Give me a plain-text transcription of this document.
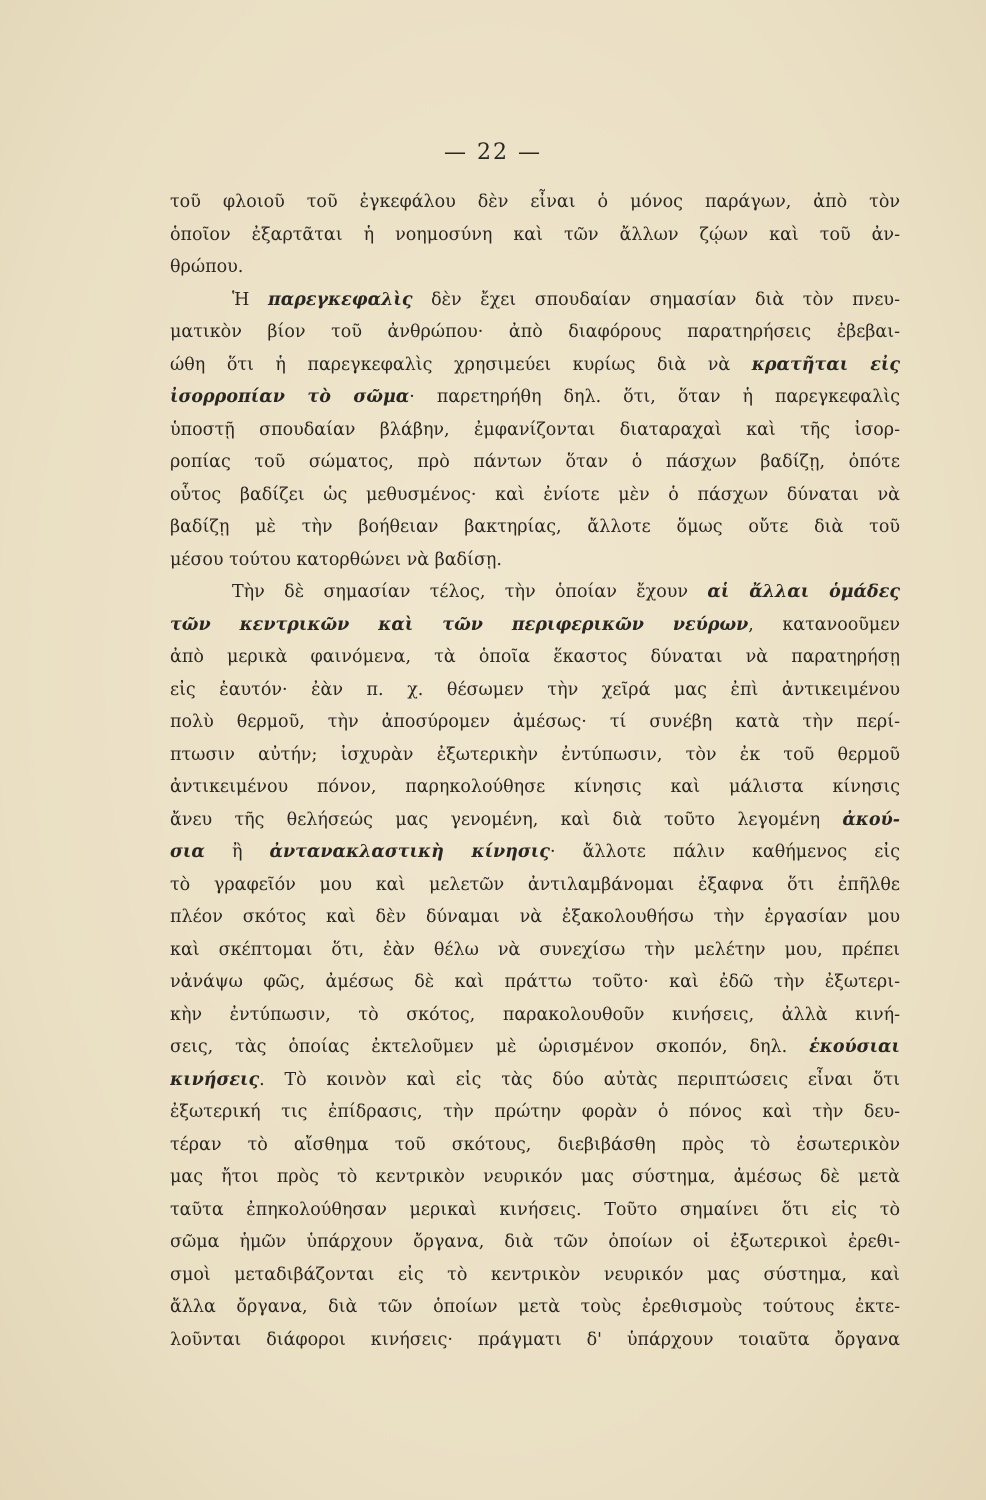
— 22 —
τοῦ φλοιοῦ τοῦ ἐγκεφάλου δὲν εἶναι ὁ μόνος παράγων, ἀπὸ τὸν
ὁποῖον ἐξαρτᾶται ἡ νοημοσύνη καὶ τῶν ἄλλων ζῴων καὶ τοῦ ἀν-
θρώπου.
Ἡ παρεγκεφαλὶς δὲν ἔχει σπουδαίαν σημασίαν διὰ τὸν πνευ-
ματικὸν βίον τοῦ ἀνθρώπου· ἀπὸ διαφόρους παρατηρήσεις ἐβεβαι-
ώθη ὅτι ἡ παρεγκεφαλὶς χρησιμεύει κυρίως διὰ νὰ κρατῆται εἰς
ἰσορροπίαν τὸ σῶμα· παρετηρήθη δηλ. ὅτι, ὅταν ἡ παρεγκεφαλὶς
ὑποστῇ σπουδαίαν βλάβην, ἐμφανίζονται διαταραχαὶ καὶ τῆς ἰσορ-
ροπίας τοῦ σώματος, πρὸ πάντων ὅταν ὁ πάσχων βαδίζῃ, ὁπότε
οὗτος βαδίζει ὡς μεθυσμένος· καὶ ἐνίοτε μὲν ὁ πάσχων δύναται νὰ
βαδίζῃ μὲ τὴν βοήθειαν βακτηρίας, ἄλλοτε ὅμως οὔτε διὰ τοῦ
μέσου τούτου κατορθώνει νὰ βαδίσῃ.
Τὴν δὲ σημασίαν τέλος, τὴν ὁποίαν ἔχουν αἱ ἄλλαι ὁμάδες
τῶν κεντρικῶν καὶ τῶν περιφερικῶν νεύρων, κατανοοῦμεν
ἀπὸ μερικὰ φαινόμενα, τὰ ὁποῖα ἕκαστος δύναται νὰ παρατηρήσῃ
εἰς ἑαυτόν· ἐὰν π. χ. θέσωμεν τὴν χεῖρά μας ἐπὶ ἀντικειμένου
πολὺ θερμοῦ, τὴν ἀποσύρομεν ἀμέσως· τί συνέβη κατὰ τὴν περί-
πτωσιν αὐτήν; ἰσχυρὰν ἐξωτερικὴν ἐντύπωσιν, τὸν ἐκ τοῦ θερμοῦ
ἀντικειμένου πόνον, παρηκολούθησε κίνησις καὶ μάλιστα κίνησις
ἄνευ τῆς θελήσεώς μας γενομένη, καὶ διὰ τοῦτο λεγομένη ἀκού-
σια ἢ ἀντανακλαστικὴ κίνησις· ἄλλοτε πάλιν καθήμενος εἰς
τὸ γραφεῖόν μου καὶ μελετῶν ἀντιλαμβάνομαι ἐξαφνα ὅτι ἐπῆλθε
πλέον σκότος καὶ δὲν δύναμαι νὰ ἐξακολουθήσω τὴν ἐργασίαν μου
καὶ σκέπτομαι ὅτι, ἐὰν θέλω νὰ συνεχίσω τὴν μελέτην μου, πρέπει
νἀνάψω φῶς, ἀμέσως δὲ καὶ πράττω τοῦτο· καὶ ἐδῶ τὴν ἐξωτερι-
κὴν ἐντύπωσιν, τὸ σκότος, παρακολουθοῦν κινήσεις, ἀλλὰ κινή-
σεις, τὰς ὁποίας ἐκτελοῦμεν μὲ ὡρισμένον σκοπόν, δηλ. ἑκούσιαι
κινήσεις. Τὸ κοινὸν καὶ εἰς τὰς δύο αὐτὰς περιπτώσεις εἶναι ὅτι
ἐξωτερική τις ἐπίδρασις, τὴν πρώτην φορὰν ὁ πόνος καὶ τὴν δευ-
τέραν τὸ αἴσθημα τοῦ σκότους, διεβιβάσθη πρὸς τὸ ἐσωτερικὸν
μας ἤτοι πρὸς τὸ κεντρικὸν νευρικόν μας σύστημα, ἀμέσως δὲ μετὰ
ταῦτα ἐπηκολούθησαν μερικαὶ κινήσεις. Τοῦτο σημαίνει ὅτι εἰς τὸ
σῶμα ἡμῶν ὑπάρχουν ὄργανα, διὰ τῶν ὁποίων οἱ ἐξωτερικοὶ ἐρεθι-
σμοὶ μεταδιβάζονται εἰς τὸ κεντρικὸν νευρικόν μας σύστημα, καὶ
ἄλλα ὄργανα, διὰ τῶν ὁποίων μετὰ τοὺς ἐρεθισμοὺς τούτους ἐκτε-
λοῦνται διάφοροι κινήσεις· πράγματι δ' ὑπάρχουν τοιαῦτα ὄργανα
